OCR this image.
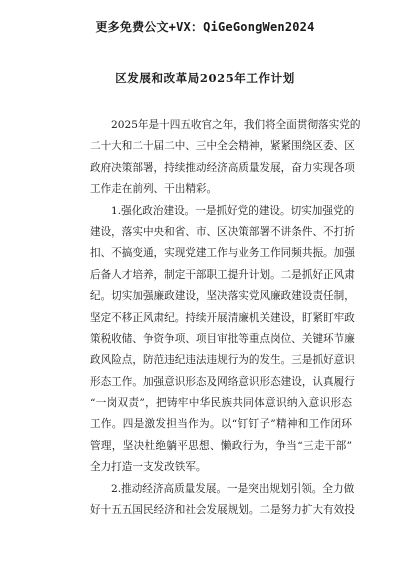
更多免费公文+VX：QiGeGongWen2024
区发展和改革局2025年工作计划

2025年是十四五收官之年，我们将全面贯彻落实党的
二十大和二十届二中、三中全会精神，紧紧围绕区委、区
政府决策部署，持续推动经济高质量发展，奋力实现各项
工作走在前列、干出精彩。

1.强化政治建设。一是抓好党的建设。切实加强党的
建设，落实中央和省、市、区决策部署不讲条件、不打折
扣、不搞变通，实现党建工作与业务工作同频共振。加强
后备人才培养，制定干部职工提升计划。二是抓好正风肃
纪。切实加强廉政建设，坚决落实党风廉政建设责任制，
坚定不移正风肃纪。持续开展清廉机关建设，盯紧盯牢政
策税收储、争资争项、项目审批等重点岗位、关键环节廉
政风险点，防范违纪违法违规行为的发生。三是抓好意识
形态工作。加强意识形态及网络意识形态建设，认真履行
“一岗双责”，把铸牢中华民族共同体意识纳入意识形态
工作。四是激发担当作为。以“钉钉子”精神和工作闭环
管理，坚决杜绝躺平思想、懒政行为，争当“三走干部”
全力打造一支发改铁军。

2.推动经济高质量发展。一是突出规划引领。全力做
好十五五国民经济和社会发展规划。二是努力扩大有效投
